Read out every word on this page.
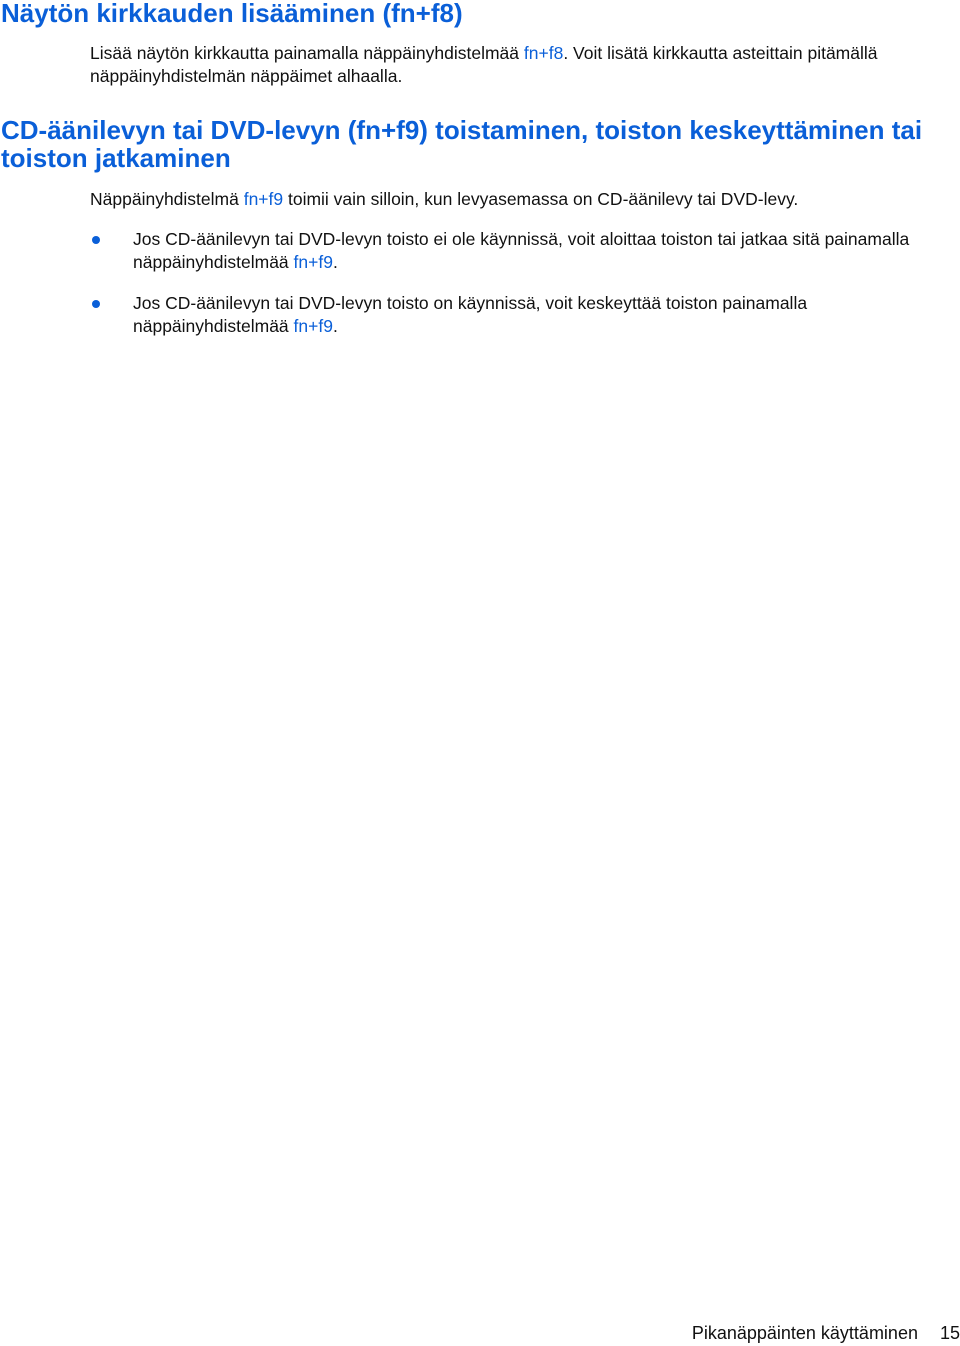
Näytön kirkkauden lisääminen (fn+f8)

Lisää näytön kirkkautta painamalla näppäinyhdistelmää fn+f8. Voit lisätä kirkkautta asteittain pitämällä näppäinyhdistelmän näppäimet alhaalla.

CD-äänilevyn tai DVD-levyn (fn+f9) toistaminen, toiston keskeyttäminen tai toiston jatkaminen

Näppäinyhdistelmä fn+f9 toimii vain silloin, kun levyasemassa on CD-äänilevy tai DVD-levy.

Jos CD-äänilevyn tai DVD-levyn toisto ei ole käynnissä, voit aloittaa toiston tai jatkaa sitä painamalla näppäinyhdistelmää fn+f9.
Jos CD-äänilevyn tai DVD-levyn toisto on käynnissä, voit keskeyttää toiston painamalla näppäinyhdistelmää fn+f9.
Pikanäppäinten käyttäminen 15
